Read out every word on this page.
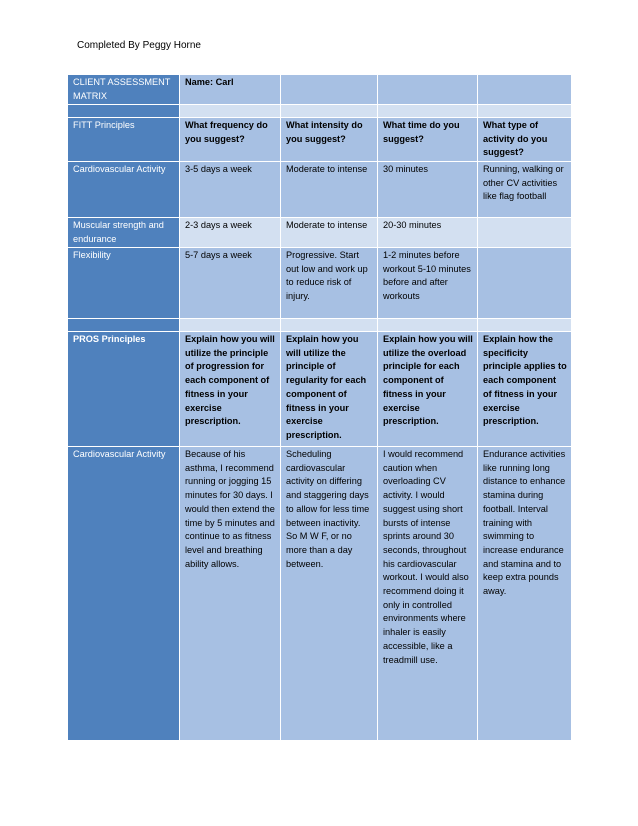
Completed By Peggy Horne
CLIENT ASSESSMENT MATRIX	Name: Carl			

FITT Principles	What frequency do you suggest?	What intensity do you suggest?	What time do you suggest?	What type of activity do you suggest?
Cardiovascular Activity	3-5 days a week	Moderate to intense	30 minutes	Running, walking or other CV activities like flag football
Muscular strength and endurance	2-3 days a week	Moderate to intense	20-30 minutes	
Flexibility	5-7 days a week	Progressive. Start out low and work up to reduce risk of injury.	1-2 minutes before workout 5-10 minutes before and after workouts	

PROS Principles	Explain how you will utilize the principle of progression for each component of fitness in your exercise prescription.	Explain how you will utilize the principle of regularity for each component of fitness in your exercise prescription.	Explain how you will utilize the overload principle for each component of fitness in your exercise prescription.	Explain how the specificity principle applies to each component of fitness in your exercise prescription.
Cardiovascular Activity	Because of his asthma, I recommend running or jogging 15 minutes for 30 days. I would then extend the time by 5 minutes and continue to as fitness level and breathing ability allows.	Scheduling cardiovascular activity on differing and staggering days to allow for less time between inactivity. So M W F, or no more than a day between.	I would recommend caution when overloading CV activity. I would suggest using short bursts of intense sprints around 30 seconds, throughout his cardiovascular workout. I would also recommend doing it only in controlled environments where inhaler is easily accessible, like a treadmill use.	Endurance activities like running long distance to enhance stamina during football. Interval training with swimming to increase endurance and stamina and to keep extra pounds away.
